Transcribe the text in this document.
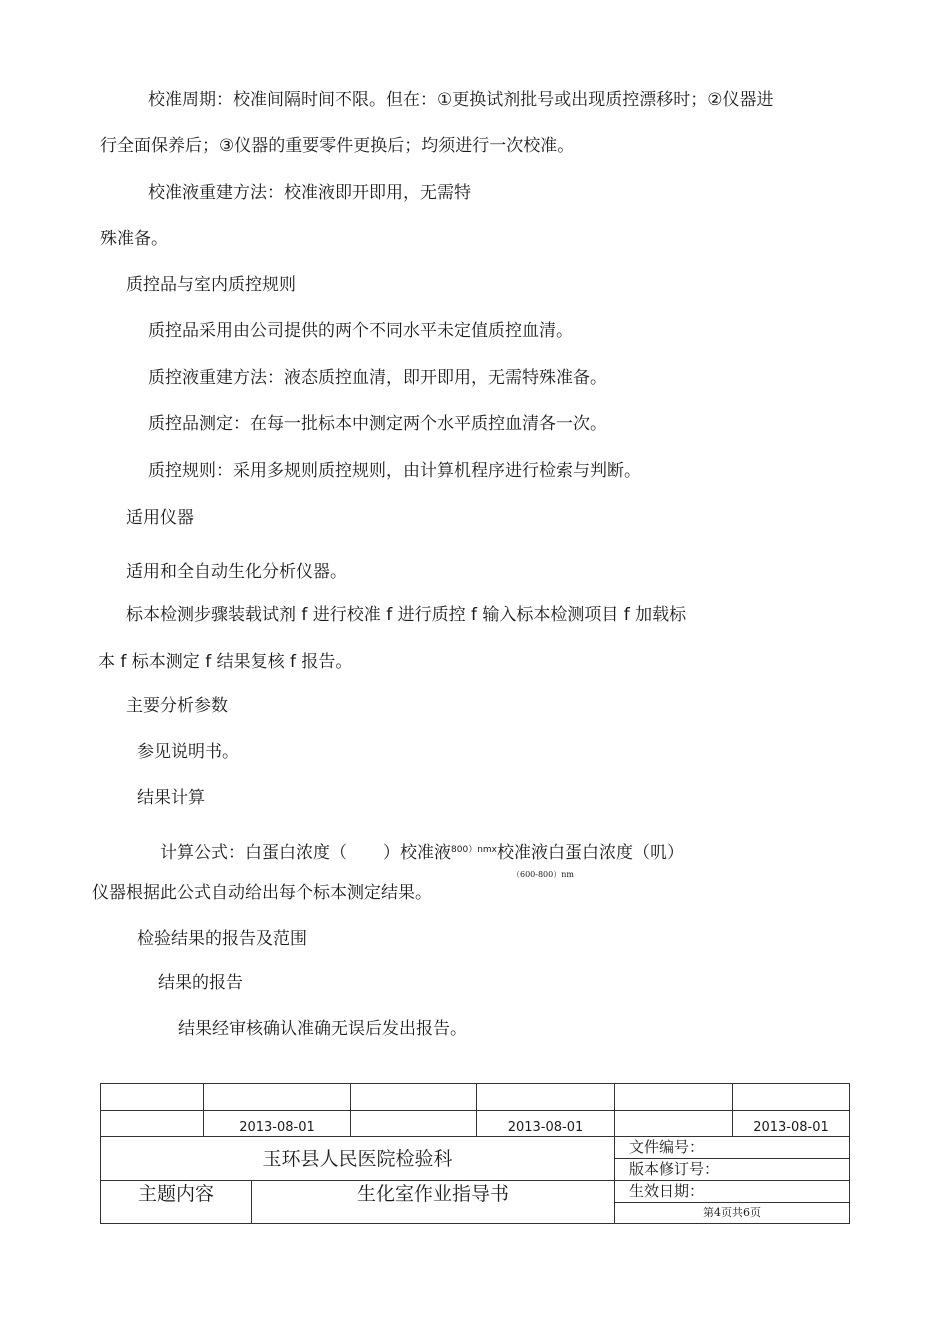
校准周期：校准间隔时间不限。但在：①更换试剂批号或出现质控漂移时；②仪器进
行全面保养后；③仪器的重要零件更换后；均须进行一次校准。
校准液重建方法：校准液即开即用，无需特
殊准备。
质控品与室内质控规则
质控品采用由公司提供的两个不同水平未定值质控血清。
质控液重建方法：液态质控血清，即开即用，无需特殊准备。
质控品测定：在每一批标本中测定两个水平质控血清各一次。
质控规则：采用多规则质控规则，由计算机程序进行检索与判断。
适用仪器
适用和全自动生化分析仪器。
标本检测步骤装载试剂 f 进行校准 f 进行质控 f 输入标本检测项目 f 加载标
本 f 标本测定 f 结果复核 f 报告。
主要分析参数
参见说明书。
结果计算
计算公式：白蛋白浓度（ ）校准液$^{800)nmx}$校准液白蛋白浓度（叽）
（600-800）nm
仪器根据此公式自动给出每个标本测定结果。
检验结果的报告及范围
结果的报告
结果经审核确认准确无误后发出报告。

	2013-08-01			2013-08-01		2013-08-01
玉环县人民医院检验科					文件编号：	
					版本修订号：	
主题内容		生化室作业指导书			生效日期：	
					第4页共6页	
